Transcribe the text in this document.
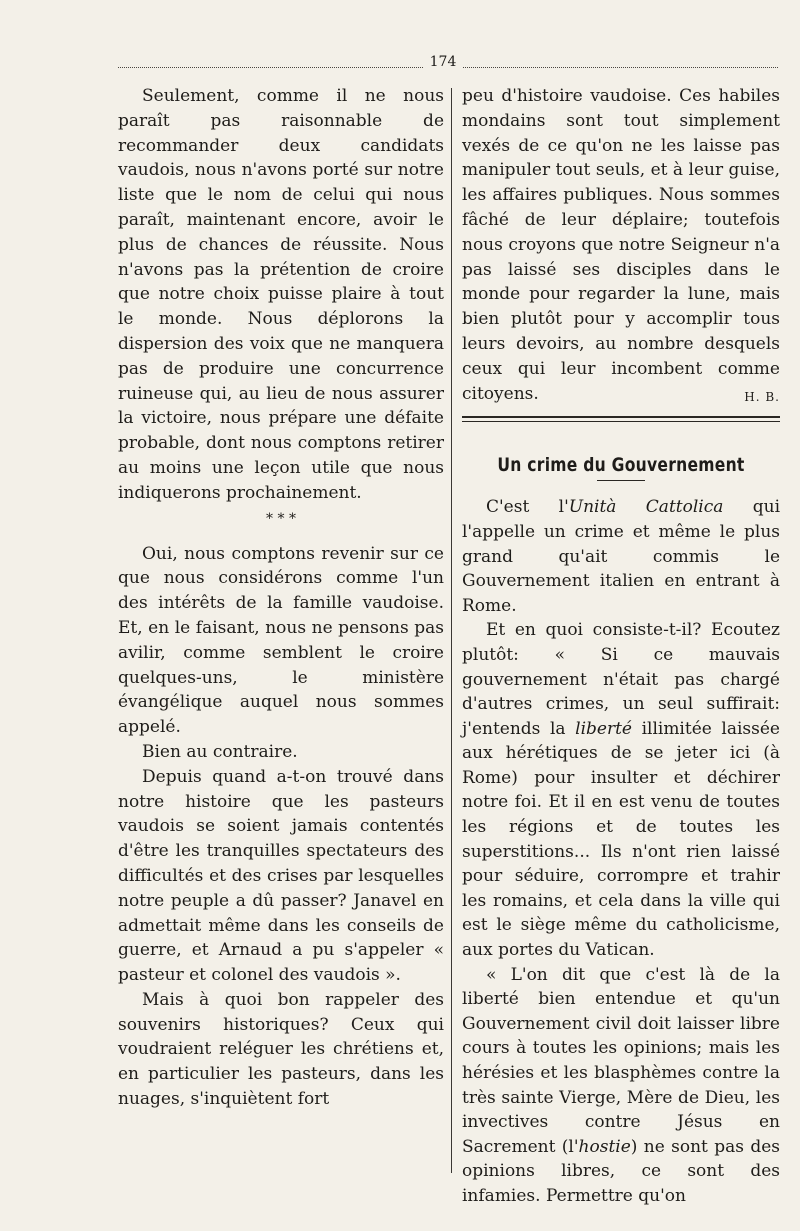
174

Seulement, comme il ne nous paraît pas raisonnable de recommander deux candidats vaudois, nous n'avons porté sur notre liste que le nom de celui qui nous paraît, maintenant encore, avoir le plus de chances de réussite. Nous n'avons pas la prétention de croire que notre choix puisse plaire à tout le monde. Nous déplorons la dispersion des voix que ne manquera pas de produire une concurrence ruineuse qui, au lieu de nous assurer la victoire, nous prépare une défaite probable, dont nous comptons retirer au moins une leçon utile que nous indiquerons prochainement.

* * *

Oui, nous comptons revenir sur ce que nous considérons comme l'un des intérêts de la famille vaudoise. Et, en le faisant, nous ne pensons pas avilir, comme semblent le croire quelques-uns, le ministère évangélique auquel nous sommes appelé.

Bien au contraire.

Depuis quand a-t-on trouvé dans notre histoire que les pasteurs vaudois se soient jamais contentés d'être les tranquilles spectateurs des difficultés et des crises par lesquelles notre peuple a dû passer? Janavel en admettait même dans les conseils de guerre, et Arnaud a pu s'appeler « pasteur et colonel des vaudois ».

Mais à quoi bon rappeler des souvenirs historiques? Ceux qui voudraient reléguer les chrétiens et, en particulier les pasteurs, dans les nuages, s'inquiètent fort

peu d'histoire vaudoise. Ces habiles mondains sont tout simplement vexés de ce qu'on ne les laisse pas manipuler tout seuls, et à leur guise, les affaires publiques. Nous sommes fâché de leur déplaire; toutefois nous croyons que notre Seigneur n'a pas laissé ses disciples dans le monde pour regarder la lune, mais bien plutôt pour y accomplir tous leurs devoirs, au nombre desquels ceux qui leur incombent comme citoyens.	H. B.

Un crime du Gouvernement

C'est l'Unità Cattolica qui l'appelle un crime et même le plus grand qu'ait commis le Gouvernement italien en entrant à Rome.

Et en quoi consiste-t-il? Ecoutez plutôt: « Si ce mauvais gouvernement n'était pas chargé d'autres crimes, un seul suffirait: j'entends la liberté illimitée laissée aux hérétiques de se jeter ici (à Rome) pour insulter et déchirer notre foi. Et il en est venu de toutes les régions et de toutes les superstitions... Ils n'ont rien laissé pour séduire, corrompre et trahir les romains, et cela dans la ville qui est le siège même du catholicisme, aux portes du Vatican.

« L'on dit que c'est là de la liberté bien entendue et qu'un Gouvernement civil doit laisser libre cours à toutes les opinions; mais les hérésies et les blasphèmes contre la très sainte Vierge, Mère de Dieu, les invectives contre Jésus en Sacrement (l'hostie) ne sont pas des opinions libres, ce sont des infamies. Permettre qu'on
